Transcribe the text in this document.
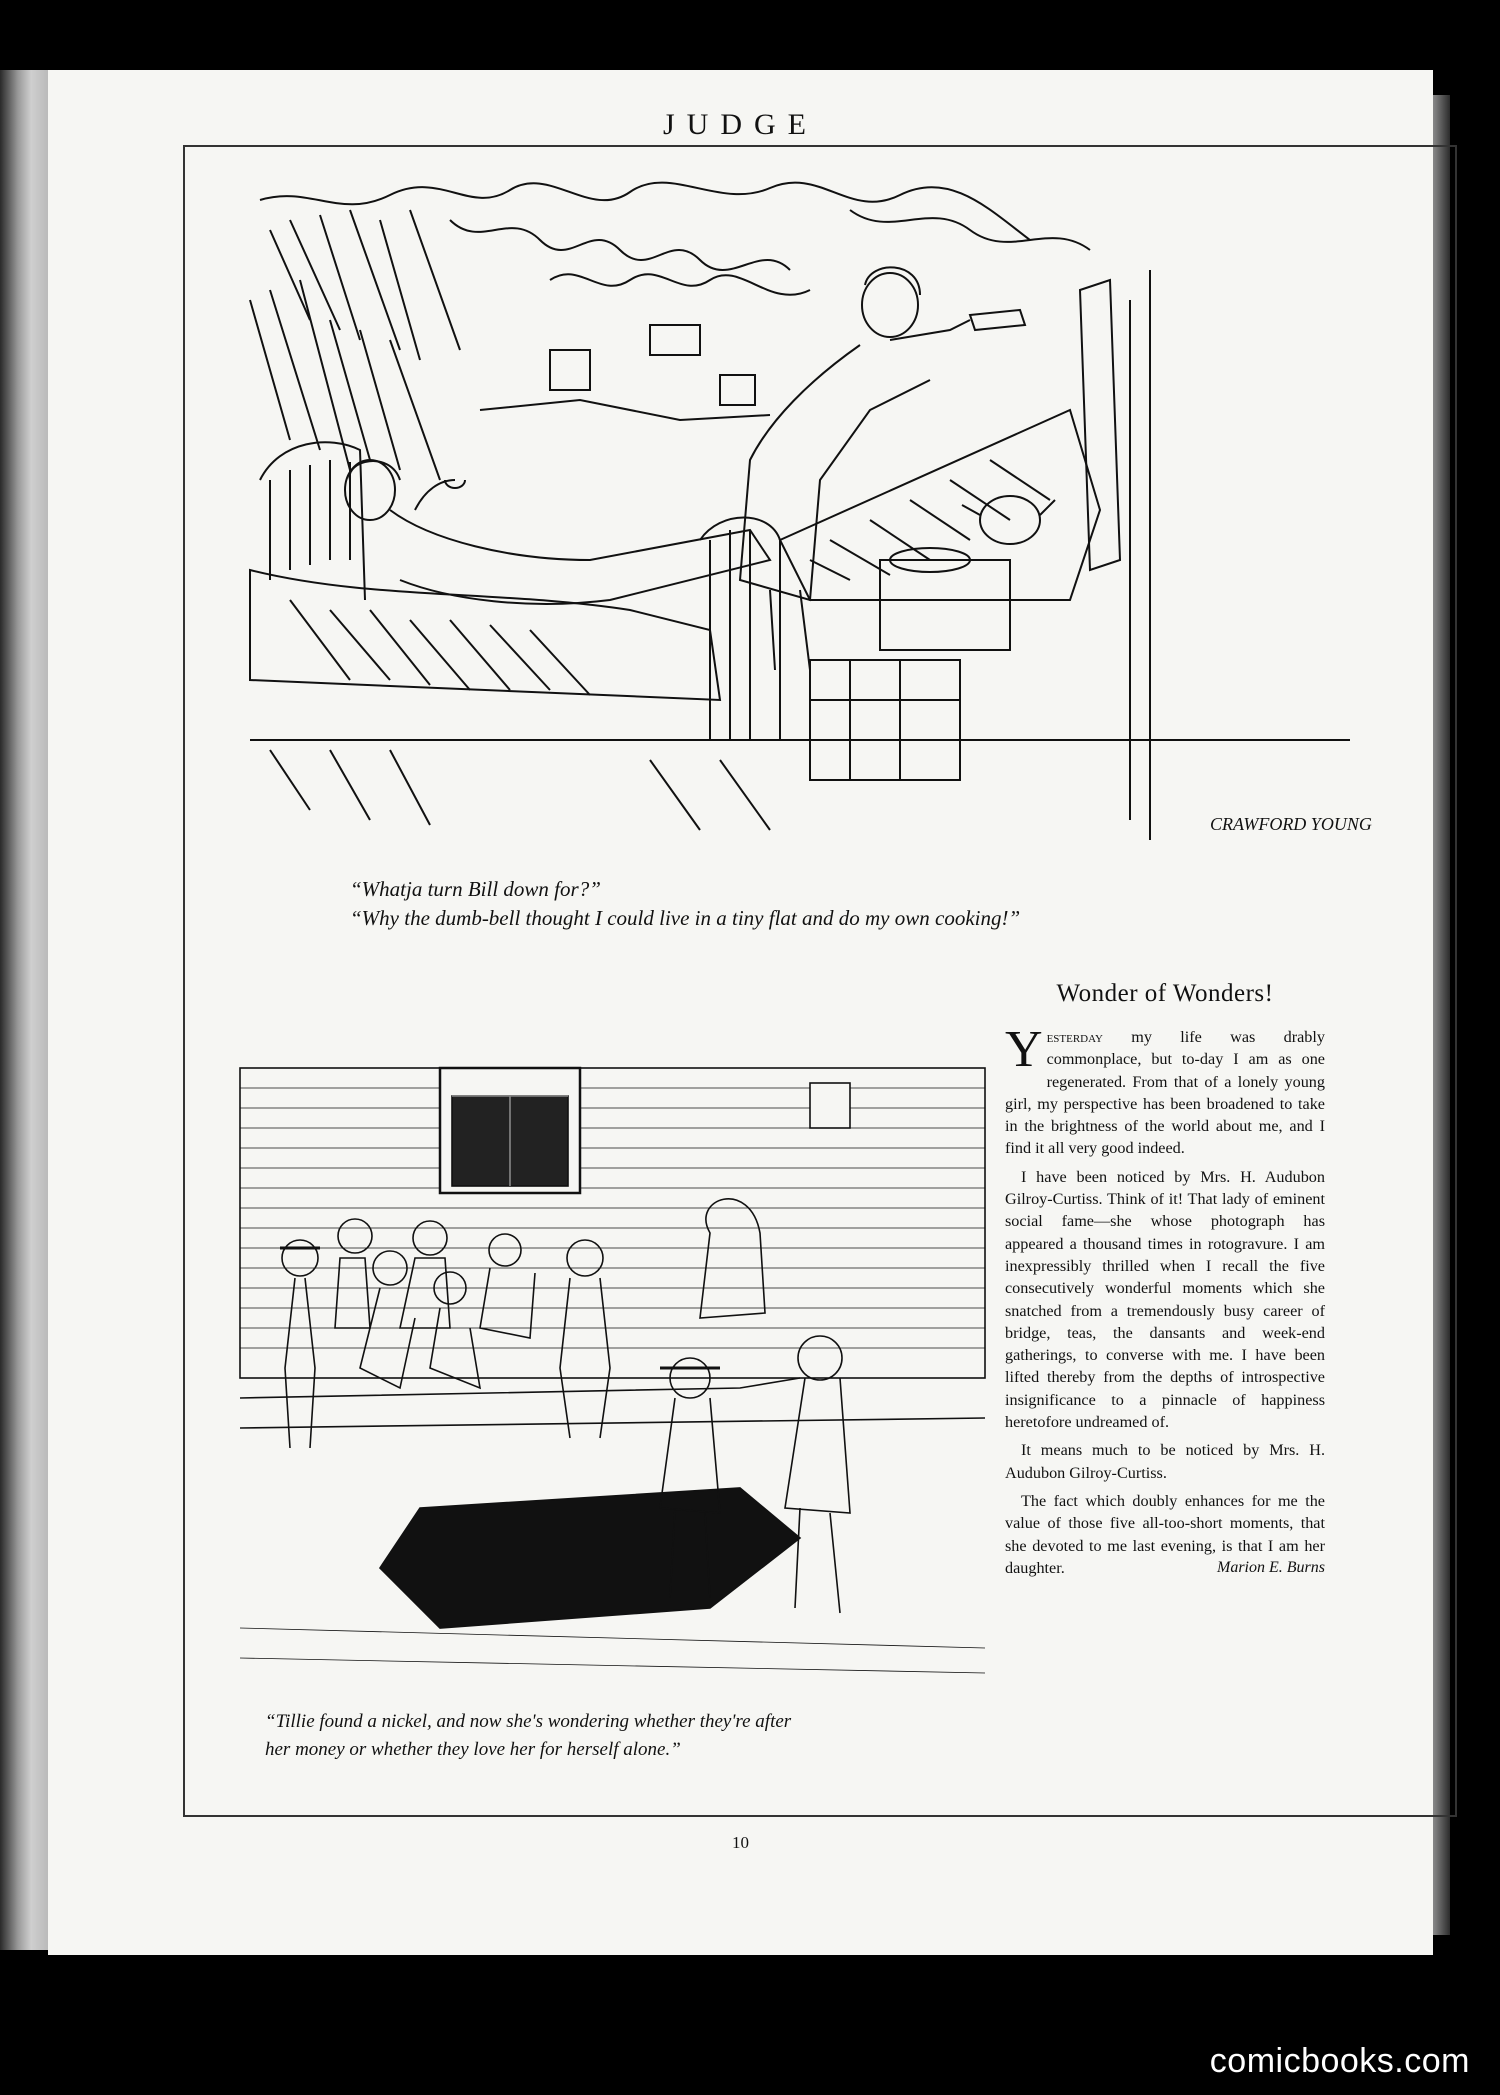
JUDGE
10
CRAWFORD YOUNG
“Whatja turn Bill down for?”
“Why the dumb-bell thought I could live in a tiny flat and do my own cooking!”
“Tillie found a nickel, and now she's wondering whether they're after
her money or whether they love her for herself alone.”
Wonder of Wonders!

Yesterday my life was drably commonplace, but to-day I am as one regenerated. From that of a lonely young girl, my perspective has been broadened to take in the brightness of the world about me, and I find it all very good indeed.

I have been noticed by Mrs. H. Audubon Gilroy-Curtiss. Think of it! That lady of eminent social fame—she whose photograph has appeared a thousand times in rotogravure. I am inexpressibly thrilled when I recall the five consecutively wonderful moments which she snatched from a tremendously busy career of bridge, teas, the dansants and week-end gatherings, to converse with me. I have been lifted thereby from the depths of introspective insignificance to a pinnacle of happiness heretofore undreamed of.

It means much to be noticed by Mrs. H. Audubon Gilroy-Curtiss.

The fact which doubly enhances for me the value of those five all-too-short moments, that she devoted to me last evening, is that I am her daughter.	Marion E. Burns
comicbooks.com
